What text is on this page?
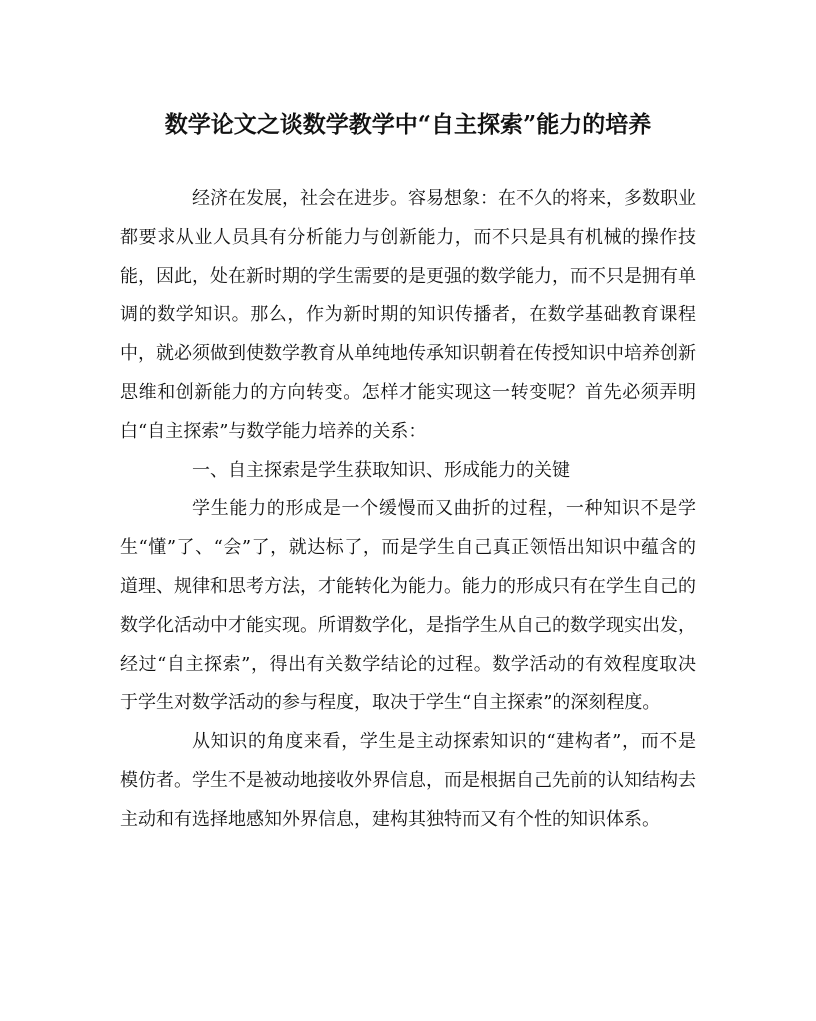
数学论文之谈数学教学中“自主探索”能力的培养

经济在发展，社会在进步。容易想象：在不久的将来，多数职业都要求从业人员具有分析能力与创新能力，而不只是具有机械的操作技能，因此，处在新时期的学生需要的是更强的数学能力，而不只是拥有单调的数学知识。那么，作为新时期的知识传播者，在数学基础教育课程中，就必须做到使数学教育从单纯地传承知识朝着在传授知识中培养创新思维和创新能力的方向转变。怎样才能实现这一转变呢？首先必须弄明白“自主探索”与数学能力培养的关系：

一、自主探索是学生获取知识、形成能力的关键

学生能力的形成是一个缓慢而又曲折的过程，一种知识不是学生“懂”了、“会”了，就达标了，而是学生自己真正领悟出知识中蕴含的道理、规律和思考方法，才能转化为能力。能力的形成只有在学生自己的数学化活动中才能实现。所谓数学化，是指学生从自己的数学现实出发，经过“自主探索”，得出有关数学结论的过程。数学活动的有效程度取决于学生对数学活动的参与程度，取决于学生“自主探索”的深刻程度。

从知识的角度来看，学生是主动探索知识的“建构者”，而不是模仿者。学生不是被动地接收外界信息，而是根据自己先前的认知结构去主动和有选择地感知外界信息，建构其独特而又有个性的知识体系。
